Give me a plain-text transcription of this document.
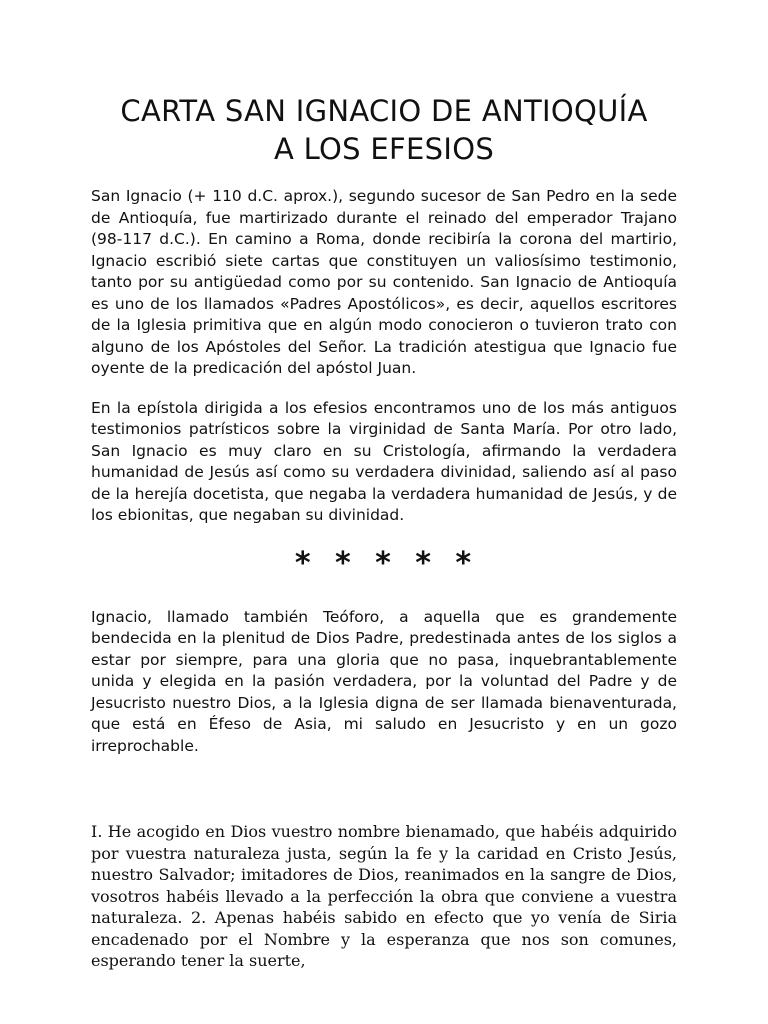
CARTA SAN IGNACIO DE ANTIOQUÍA
A LOS EFESIOS

San Ignacio (+ 110 d.C. aprox.), segundo sucesor de San Pedro en la sede de Antioquía, fue martirizado durante el reinado del emperador Trajano (98-117 d.C.). En camino a Roma, donde recibiría la corona del martirio, Ignacio escribió siete cartas que constituyen un valiosísimo testimonio, tanto por su antigüedad como por su contenido. San Ignacio de Antioquía es uno de los llamados «Padres Apostólicos», es decir, aquellos escritores de la Iglesia primitiva que en algún modo conocieron o tuvieron trato con alguno de los Apóstoles del Señor. La tradición atestigua que Ignacio fue oyente de la predicación del apóstol Juan.

En la epístola dirigida a los efesios encontramos uno de los más antiguos testimonios patrísticos sobre la virginidad de Santa María. Por otro lado, San Ignacio es muy claro en su Cristología, afirmando la verdadera humanidad de Jesús así como su verdadera divinidad, saliendo así al paso de la herejía docetista, que negaba la verdadera humanidad de Jesús, y de los ebionitas, que negaban su divinidad.

* * * * *

Ignacio, llamado también Teóforo, a aquella que es grandemente bendecida en la plenitud de Dios Padre, predestinada antes de los siglos a estar por siempre, para una gloria que no pasa, inquebrantablemente unida y elegida en la pasión verdadera, por la voluntad del Padre y de Jesucristo nuestro Dios, a la Iglesia digna de ser llamada bienaventurada, que está en Éfeso de Asia, mi saludo en Jesucristo y en un gozo irreprochable.

I. He acogido en Dios vuestro nombre bienamado, que habéis adquirido por vuestra naturaleza justa, según la fe y la caridad en Cristo Jesús, nuestro Salvador; imitadores de Dios, reanimados en la sangre de Dios, vosotros habéis llevado a la perfección la obra que conviene a vuestra naturaleza. 2. Apenas habéis sabido en efecto que yo venía de Siria encadenado por el Nombre y la esperanza que nos son comunes, esperando tener la suerte,
